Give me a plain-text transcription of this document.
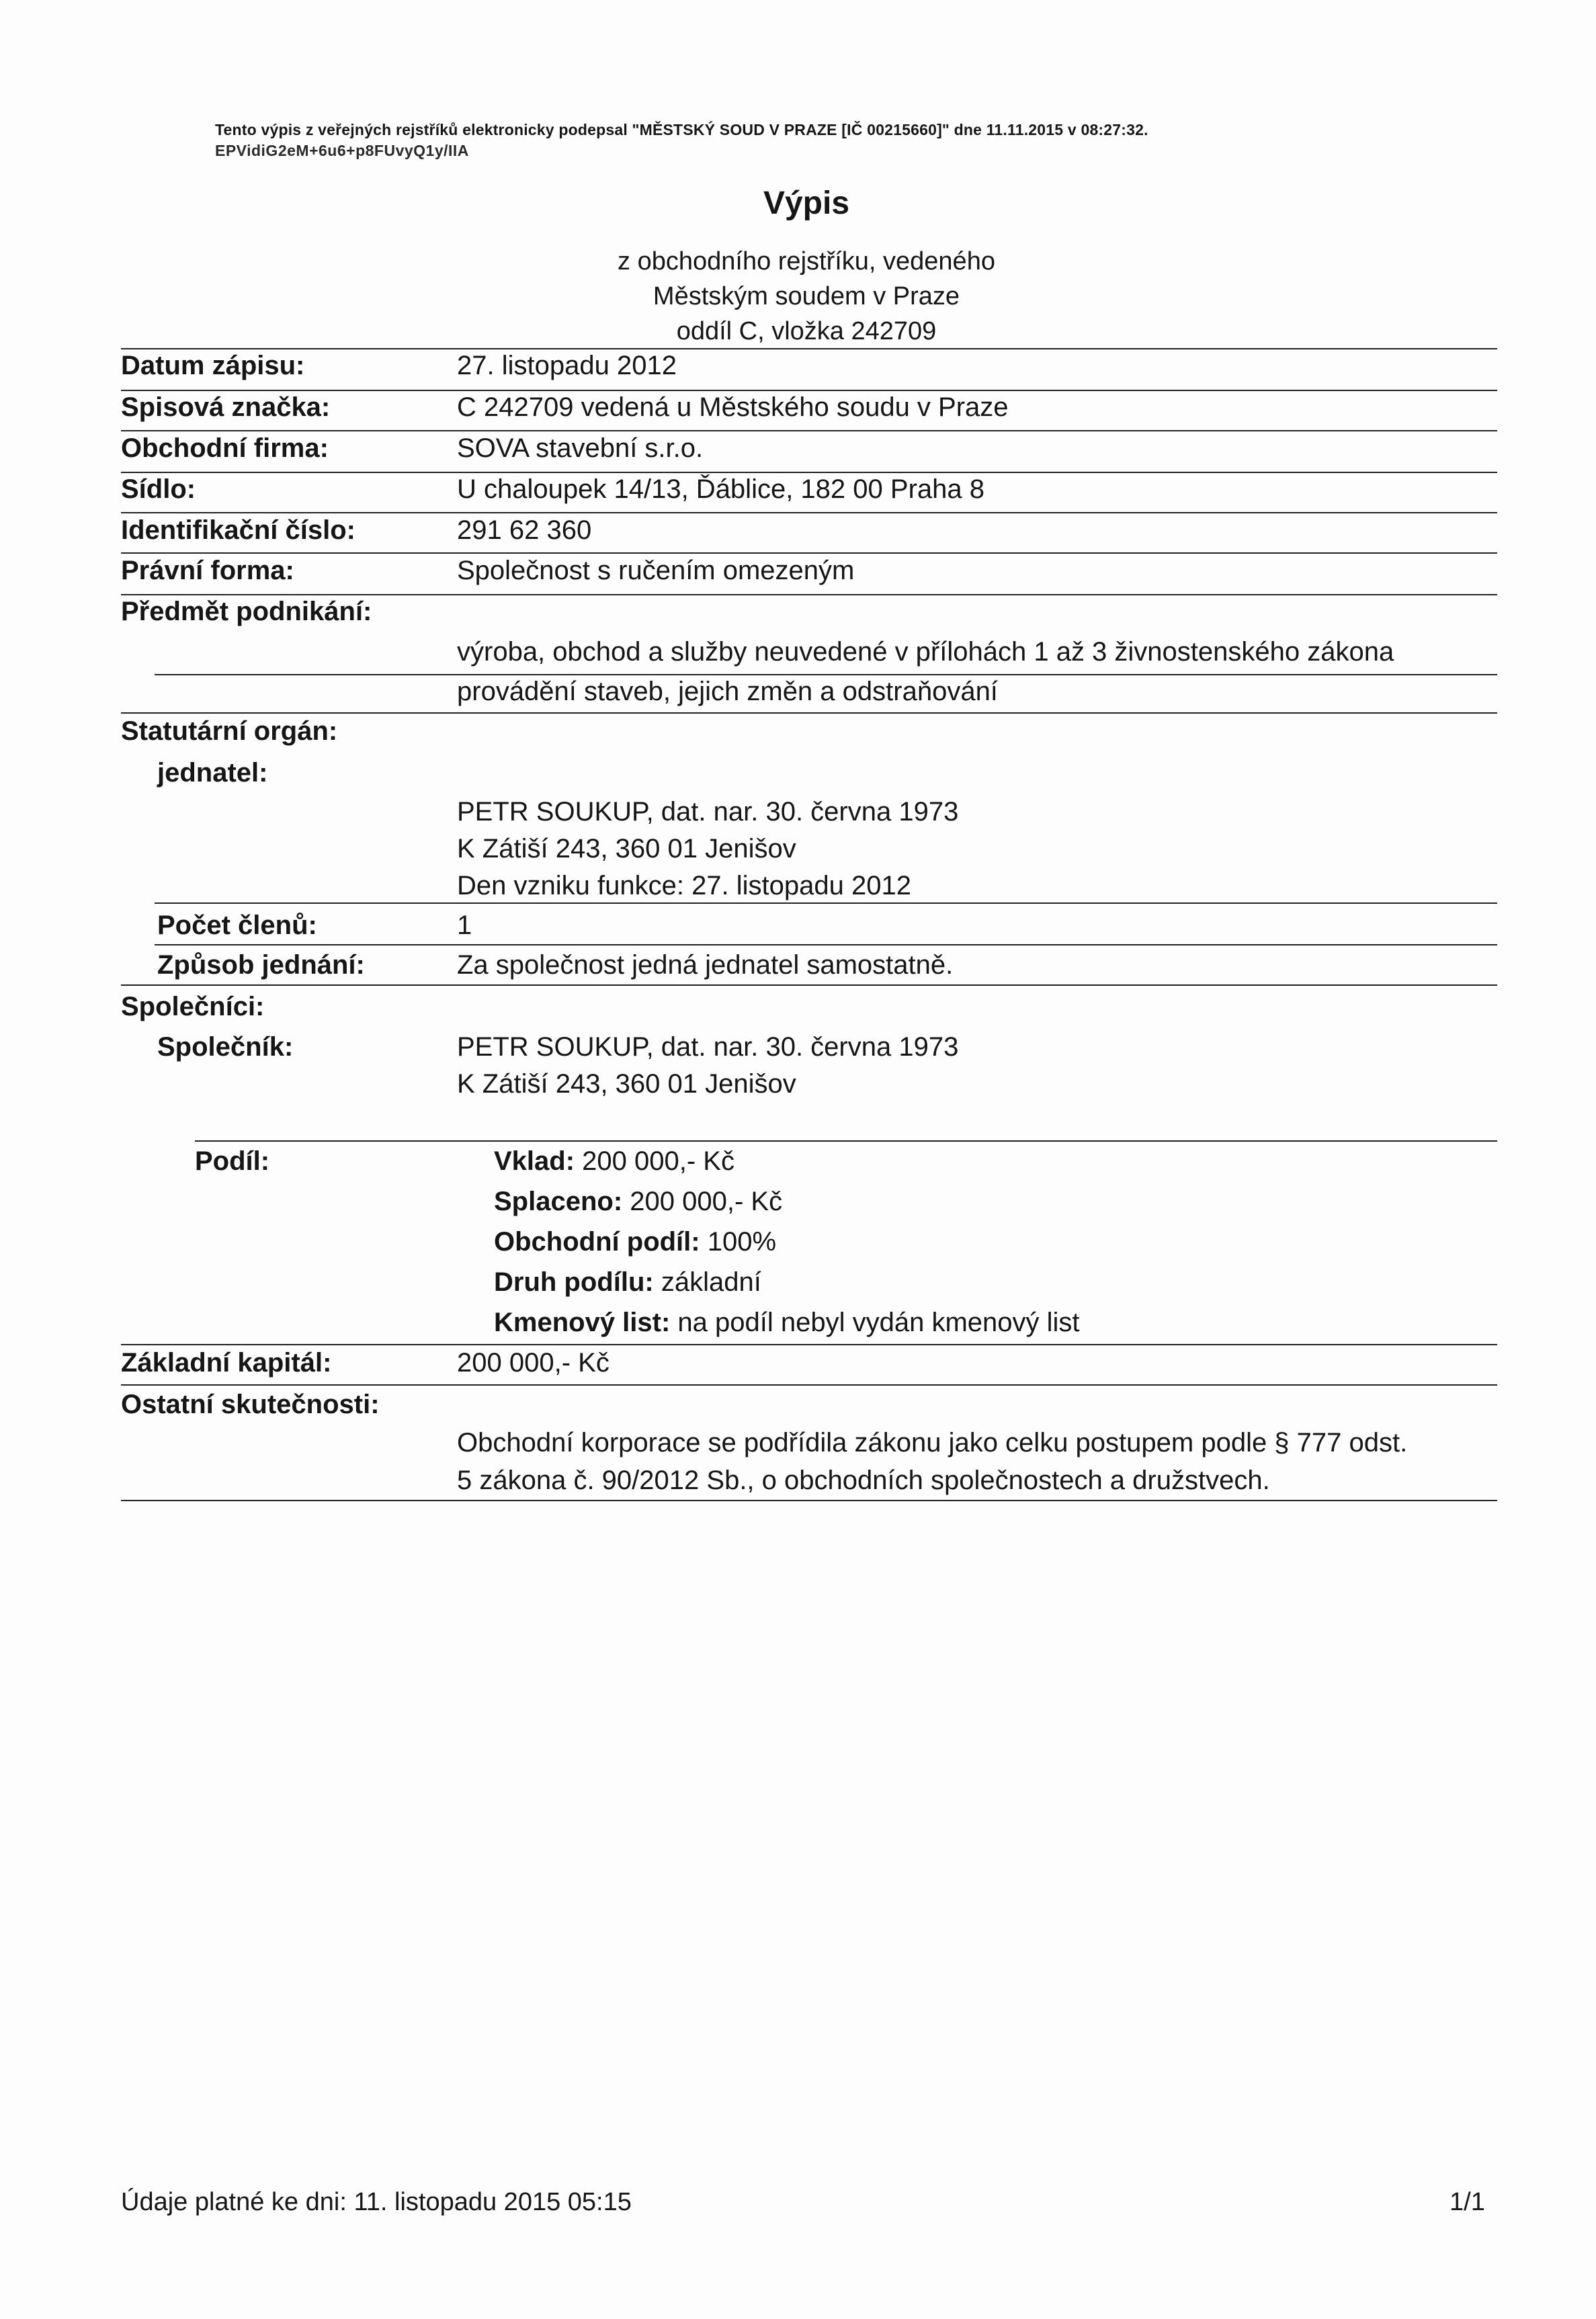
Tento výpis z veřejných rejstříků elektronicky podepsal "MĚSTSKÝ SOUD V PRAZE [IČ 00215660]" dne 11.11.2015 v 08:27:32.
EPVidiG2eM+6u6+p8FUvyQ1y/IIA
Výpis
z obchodního rejstříku, vedeného
Městským soudem v Praze
oddíl C, vložka 242709
Datum zápisu:	27. listopadu 2012
Spisová značka:	C 242709 vedená u Městského soudu v Praze
Obchodní firma:	SOVA stavební s.r.o.
Sídlo:	U chaloupek 14/13, Ďáblice, 182 00 Praha 8
Identifikační číslo:	291 62 360
Právní forma:	Společnost s ručením omezeným
Předmět podnikání:
výroba, obchod a služby neuvedené v přílohách 1 až 3 živnostenského zákona
provádění staveb, jejich změn a odstraňování
Statutární orgán:
jednatel:
PETR SOUKUP, dat. nar. 30. června 1973
K Zátiší 243, 360 01 Jenišov
Den vzniku funkce: 27. listopadu 2012
Počet členů:	1
Způsob jednání:	Za společnost jedná jednatel samostatně.
Společníci:
Společník:	PETR SOUKUP, dat. nar. 30. června 1973
K Zátiší 243, 360 01 Jenišov
Podíl:	Vklad: 200 000,- Kč
Splaceno: 200 000,- Kč
Obchodní podíl: 100%
Druh podílu: základní
Kmenový list: na podíl nebyl vydán kmenový list
Základní kapitál:	200 000,- Kč
Ostatní skutečnosti:
Obchodní korporace se podřídila zákonu jako celku postupem podle § 777 odst.
5 zákona č. 90/2012 Sb., o obchodních společnostech a družstvech.
Údaje platné ke dni: 11. listopadu 2015 05:15	1/1
